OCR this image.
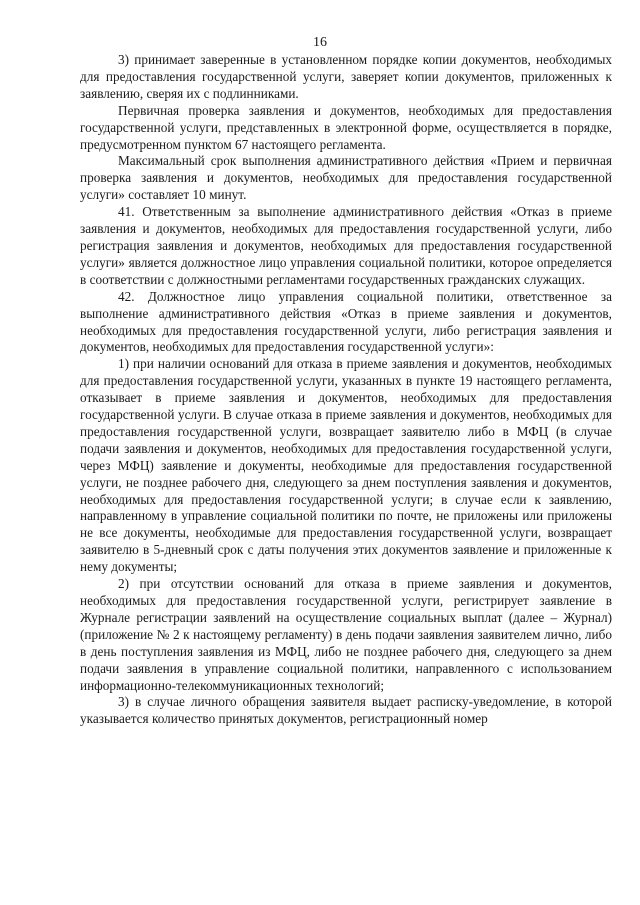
16

3) принимает заверенные в установленном порядке копии документов, необходимых для предоставления государственной услуги, заверяет копии документов, приложенных к заявлению, сверяя их с подлинниками.

Первичная проверка заявления и документов, необходимых для предоставления государственной услуги, представленных в электронной форме, осуществляется в порядке, предусмотренном пунктом 67 настоящего регламента.

Максимальный срок выполнения административного действия «Прием и первичная проверка заявления и документов, необходимых для предоставления государственной услуги» составляет 10 минут.

41. Ответственным за выполнение административного действия «Отказ в приеме заявления и документов, необходимых для предоставления государственной услуги, либо регистрация заявления и документов, необходимых для предоставления государственной услуги» является должностное лицо управления социальной политики, которое определяется в соответствии с должностными регламентами государственных гражданских служащих.

42. Должностное лицо управления социальной политики, ответственное за выполнение административного действия «Отказ в приеме заявления и документов, необходимых для предоставления государственной услуги, либо регистрация заявления и документов, необходимых для предоставления государственной услуги»:

1) при наличии оснований для отказа в приеме заявления и документов, необходимых для предоставления государственной услуги, указанных в пункте 19 настоящего регламента, отказывает в приеме заявления и документов, необходимых для предоставления государственной услуги. В случае отказа в приеме заявления и документов, необходимых для предоставления государственной услуги, возвращает заявителю либо в МФЦ (в случае подачи заявления и документов, необходимых для предоставления государственной услуги, через МФЦ) заявление и документы, необходимые для предоставления государственной услуги, не позднее рабочего дня, следующего за днем поступления заявления и документов, необходимых для предоставления государственной услуги; в случае если к заявлению, направленному в управление социальной политики по почте, не приложены или приложены не все документы, необходимые для предоставления государственной услуги, возвращает заявителю в 5-дневный срок с даты получения этих документов заявление и приложенные к нему документы;

2) при отсутствии оснований для отказа в приеме заявления и документов, необходимых для предоставления государственной услуги, регистрирует заявление в Журнале регистрации заявлений на осуществление социальных выплат (далее – Журнал) (приложение № 2 к настоящему регламенту) в день подачи заявления заявителем лично, либо в день поступления заявления из МФЦ, либо не позднее рабочего дня, следующего за днем подачи заявления в управление социальной политики, направленного с использованием информационно-телекоммуникационных технологий;

3) в случае личного обращения заявителя выдает расписку-уведомление, в которой указывается количество принятых документов, регистрационный номер
